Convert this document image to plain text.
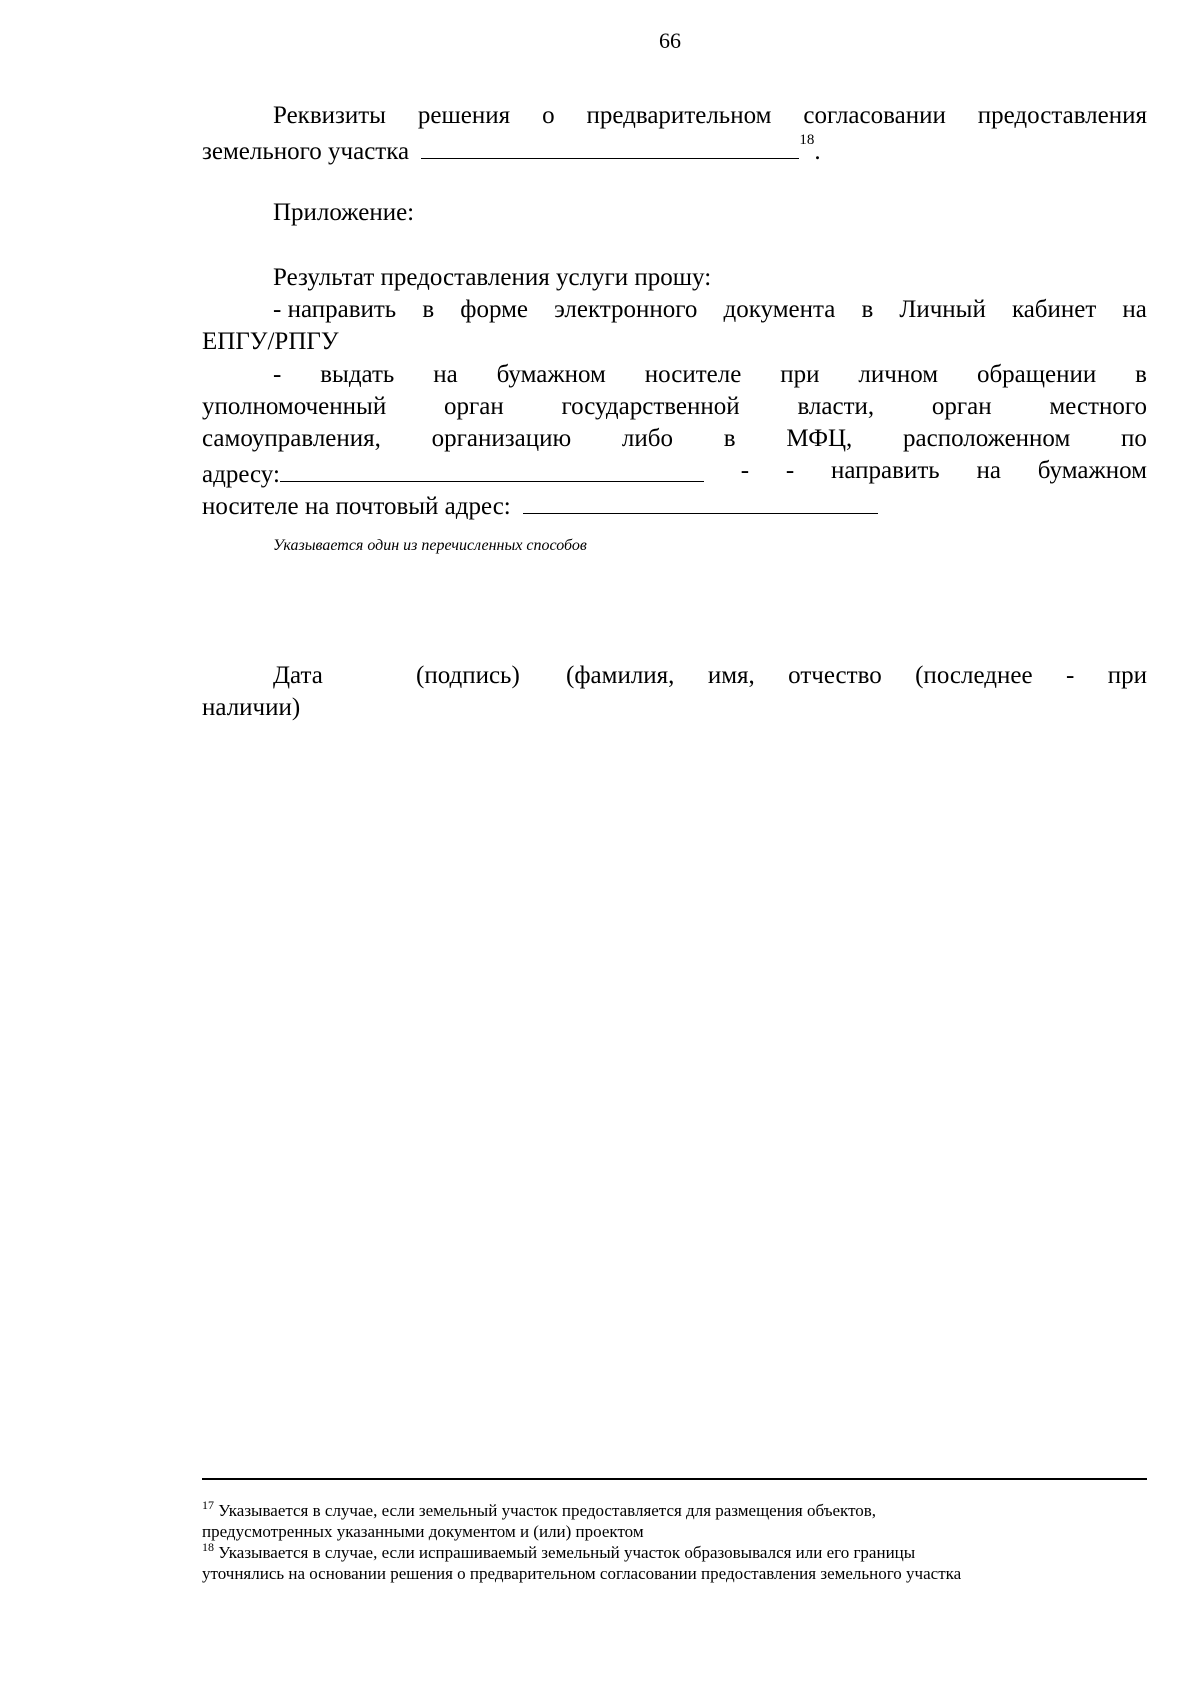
66
Реквизиты решения о предварительном согласовании предоставления
земельного участка	$^{18}$.
Приложение:
Результат предоставления услуги прошу:
- направить в форме электронного документа в Личный кабинет на
ЕПГУ/РПГУ
- выдать на бумажном носителе при личном обращении в
уполномоченный орган государственной власти, орган местного
самоуправления, организацию либо в МФЦ, расположенном по
адресу:	- - направить на бумажном
носителе на почтовый адрес:
Указывается один из перечисленных способов
Дата	(подпись) (фамилия, имя, отчество (последнее - при
наличии)
$^{17}$ Указывается в случае, если земельный участок предоставляется для размещения объектов,
предусмотренных указанными документом и (или) проектом
$^{18}$ Указывается в случае, если испрашиваемый земельный участок образовывался или его границы
уточнялись на основании решения о предварительном согласовании предоставления земельного участка
